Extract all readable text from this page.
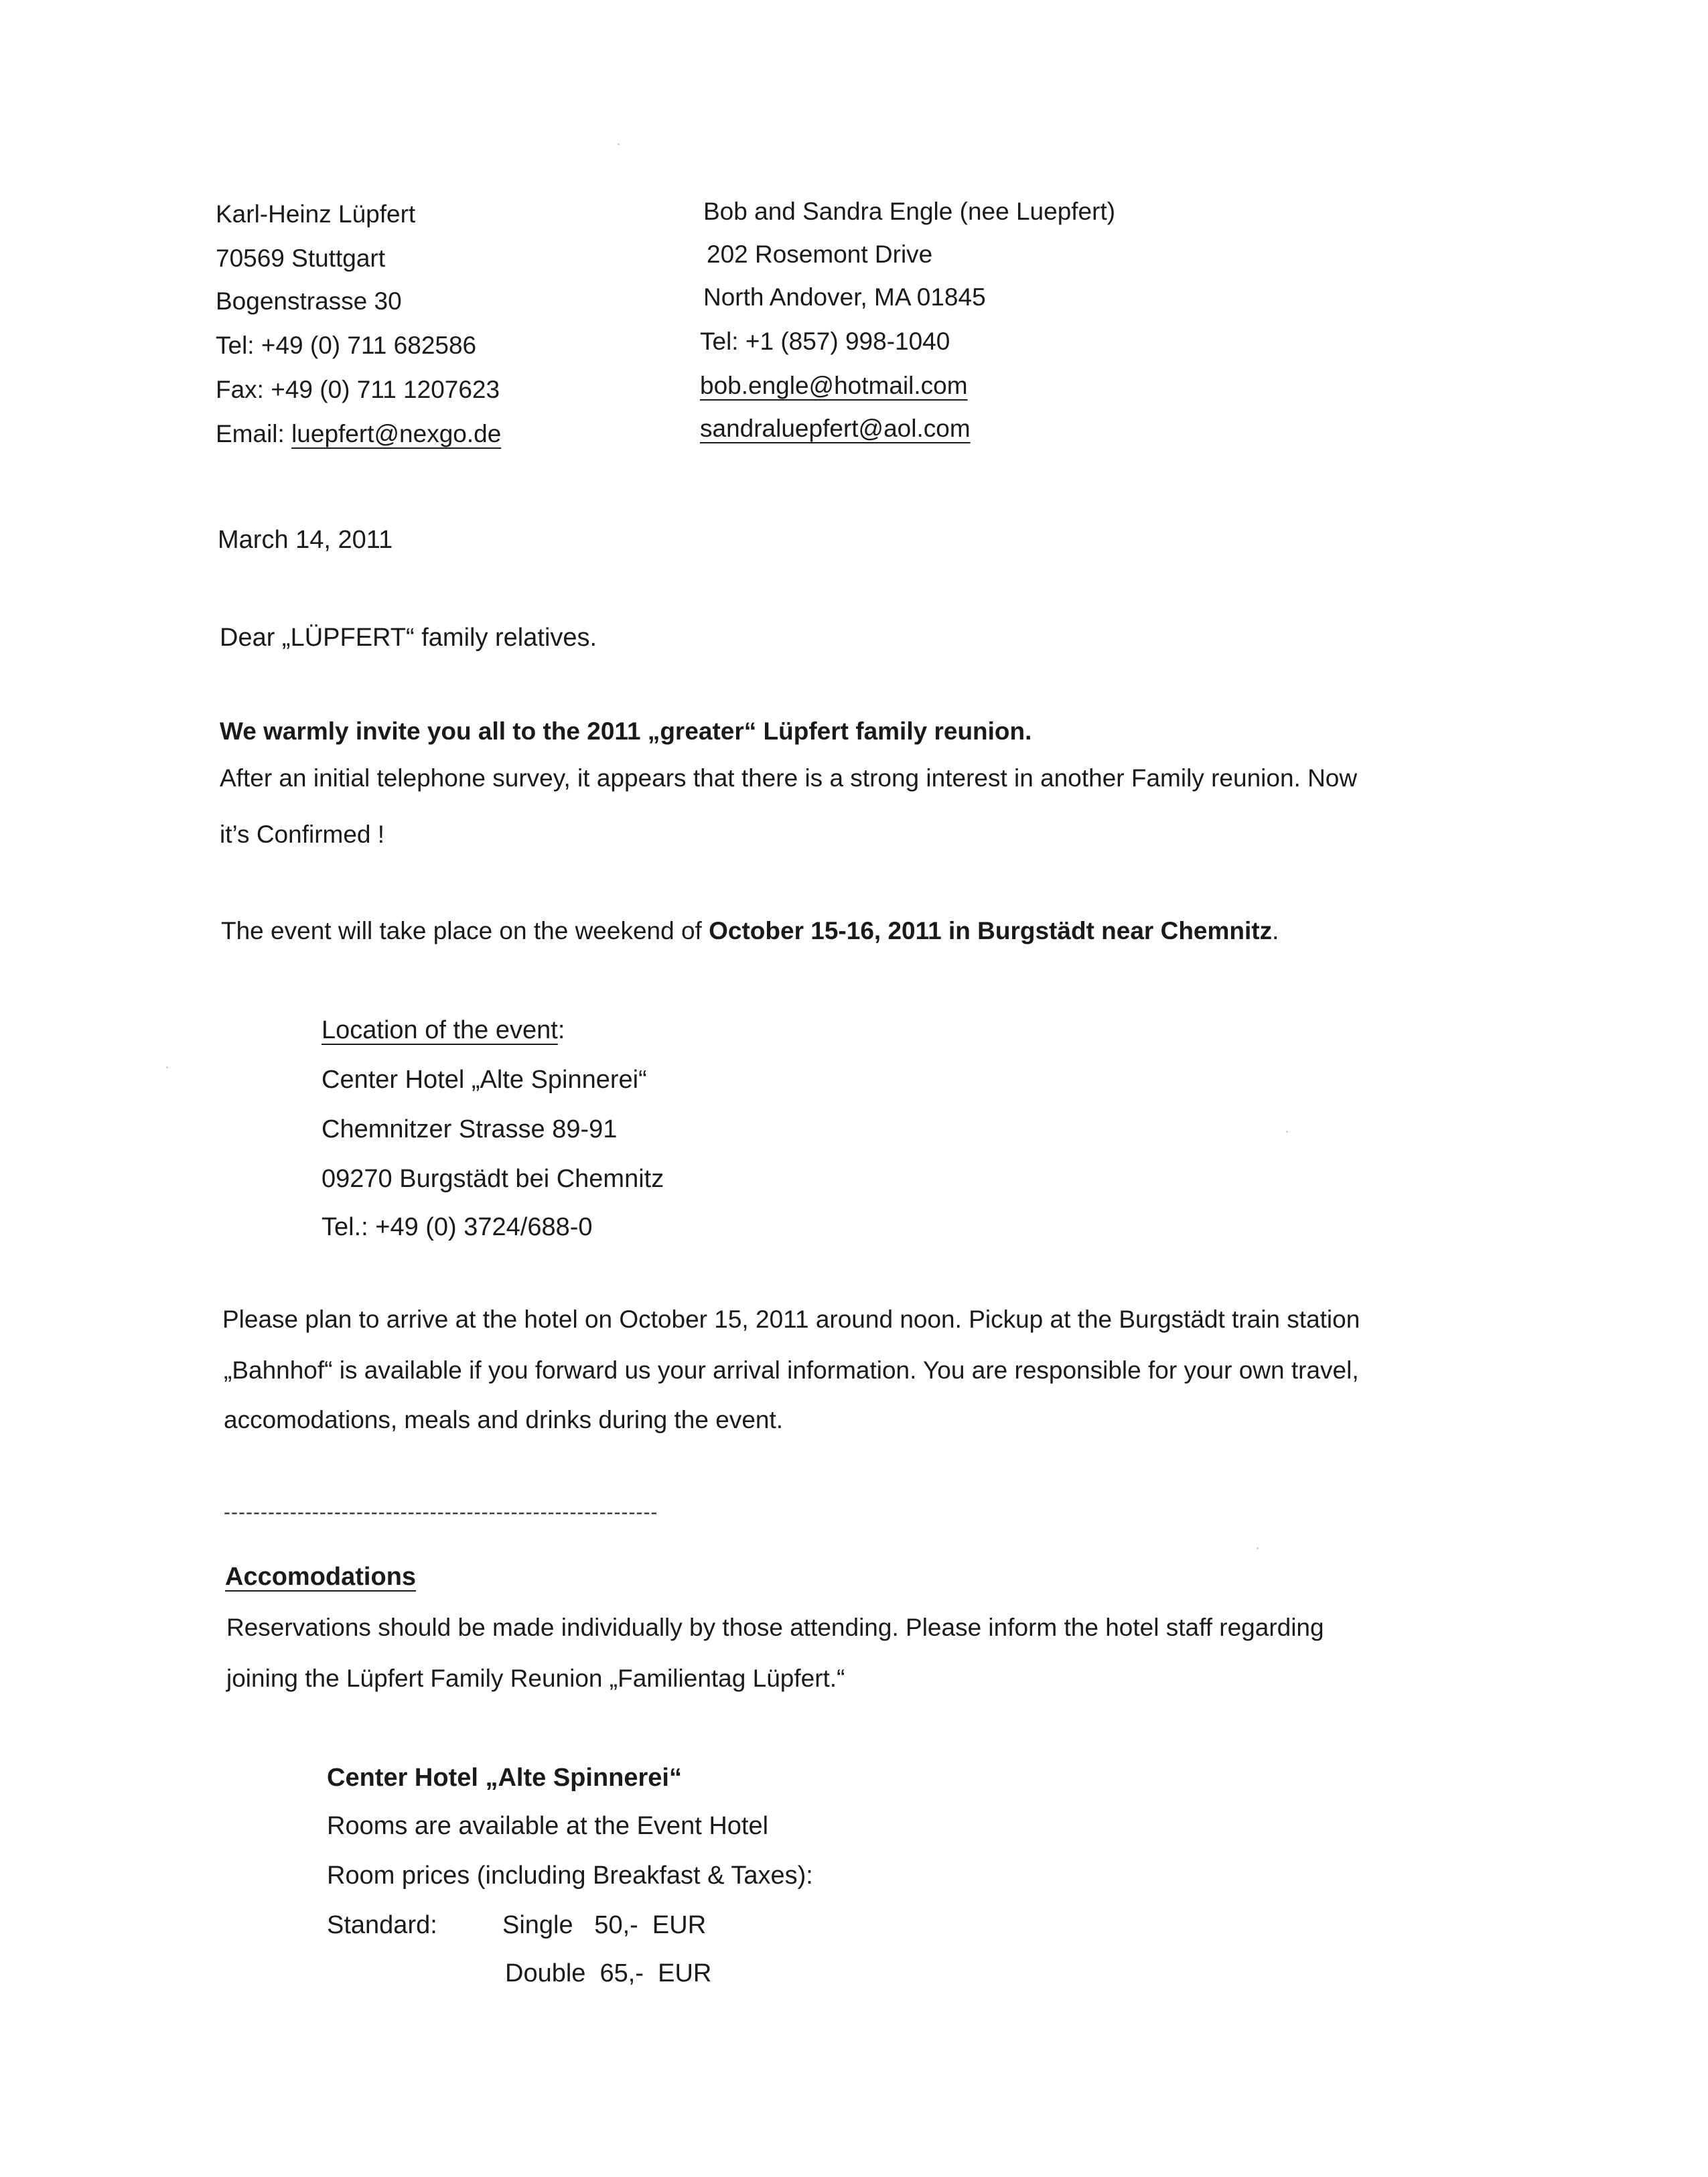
Karl-Heinz Lüpfert
70569 Stuttgart
Bogenstrasse 30
Tel: +49 (0) 711 682586
Fax: +49 (0) 711 1207623
Email: luepfert@nexgo.de
Bob and Sandra Engle (nee Luepfert)
202 Rosemont Drive
North Andover, MA 01845
Tel: +1 (857) 998-1040
bob.engle@hotmail.com
sandraluepfert@aol.com
March 14, 2011
Dear „LÜPFERT“ family relatives.
We warmly invite you all to the 2011 „greater“ Lüpfert family reunion.
After an initial telephone survey, it appears that there is a strong interest in another Family reunion. Now
it’s Confirmed !
The event will take place on the weekend of October 15-16, 2011 in Burgstädt near Chemnitz.
Location of the event:
Center Hotel „Alte Spinnerei“
Chemnitzer Strasse 89-91
09270 Burgstädt bei Chemnitz
Tel.: +49 (0) 3724/688-0
Please plan to arrive at the hotel on October 15, 2011 around noon. Pickup at the Burgstädt train station
„Bahnhof“ is available if you forward us your arrival information. You are responsible for your own travel,
accomodations, meals and drinks during the event.
-----------------------------------------------------------
Accomodations
Reservations should be made individually by those attending. Please inform the hotel staff regarding
joining the Lüpfert Family Reunion „Familientag Lüpfert.“
Center Hotel „Alte Spinnerei“
Rooms are available at the Event Hotel
Room prices (including Breakfast & Taxes):
Standard:	Single   50,-  EUR
Double  65,-  EUR
